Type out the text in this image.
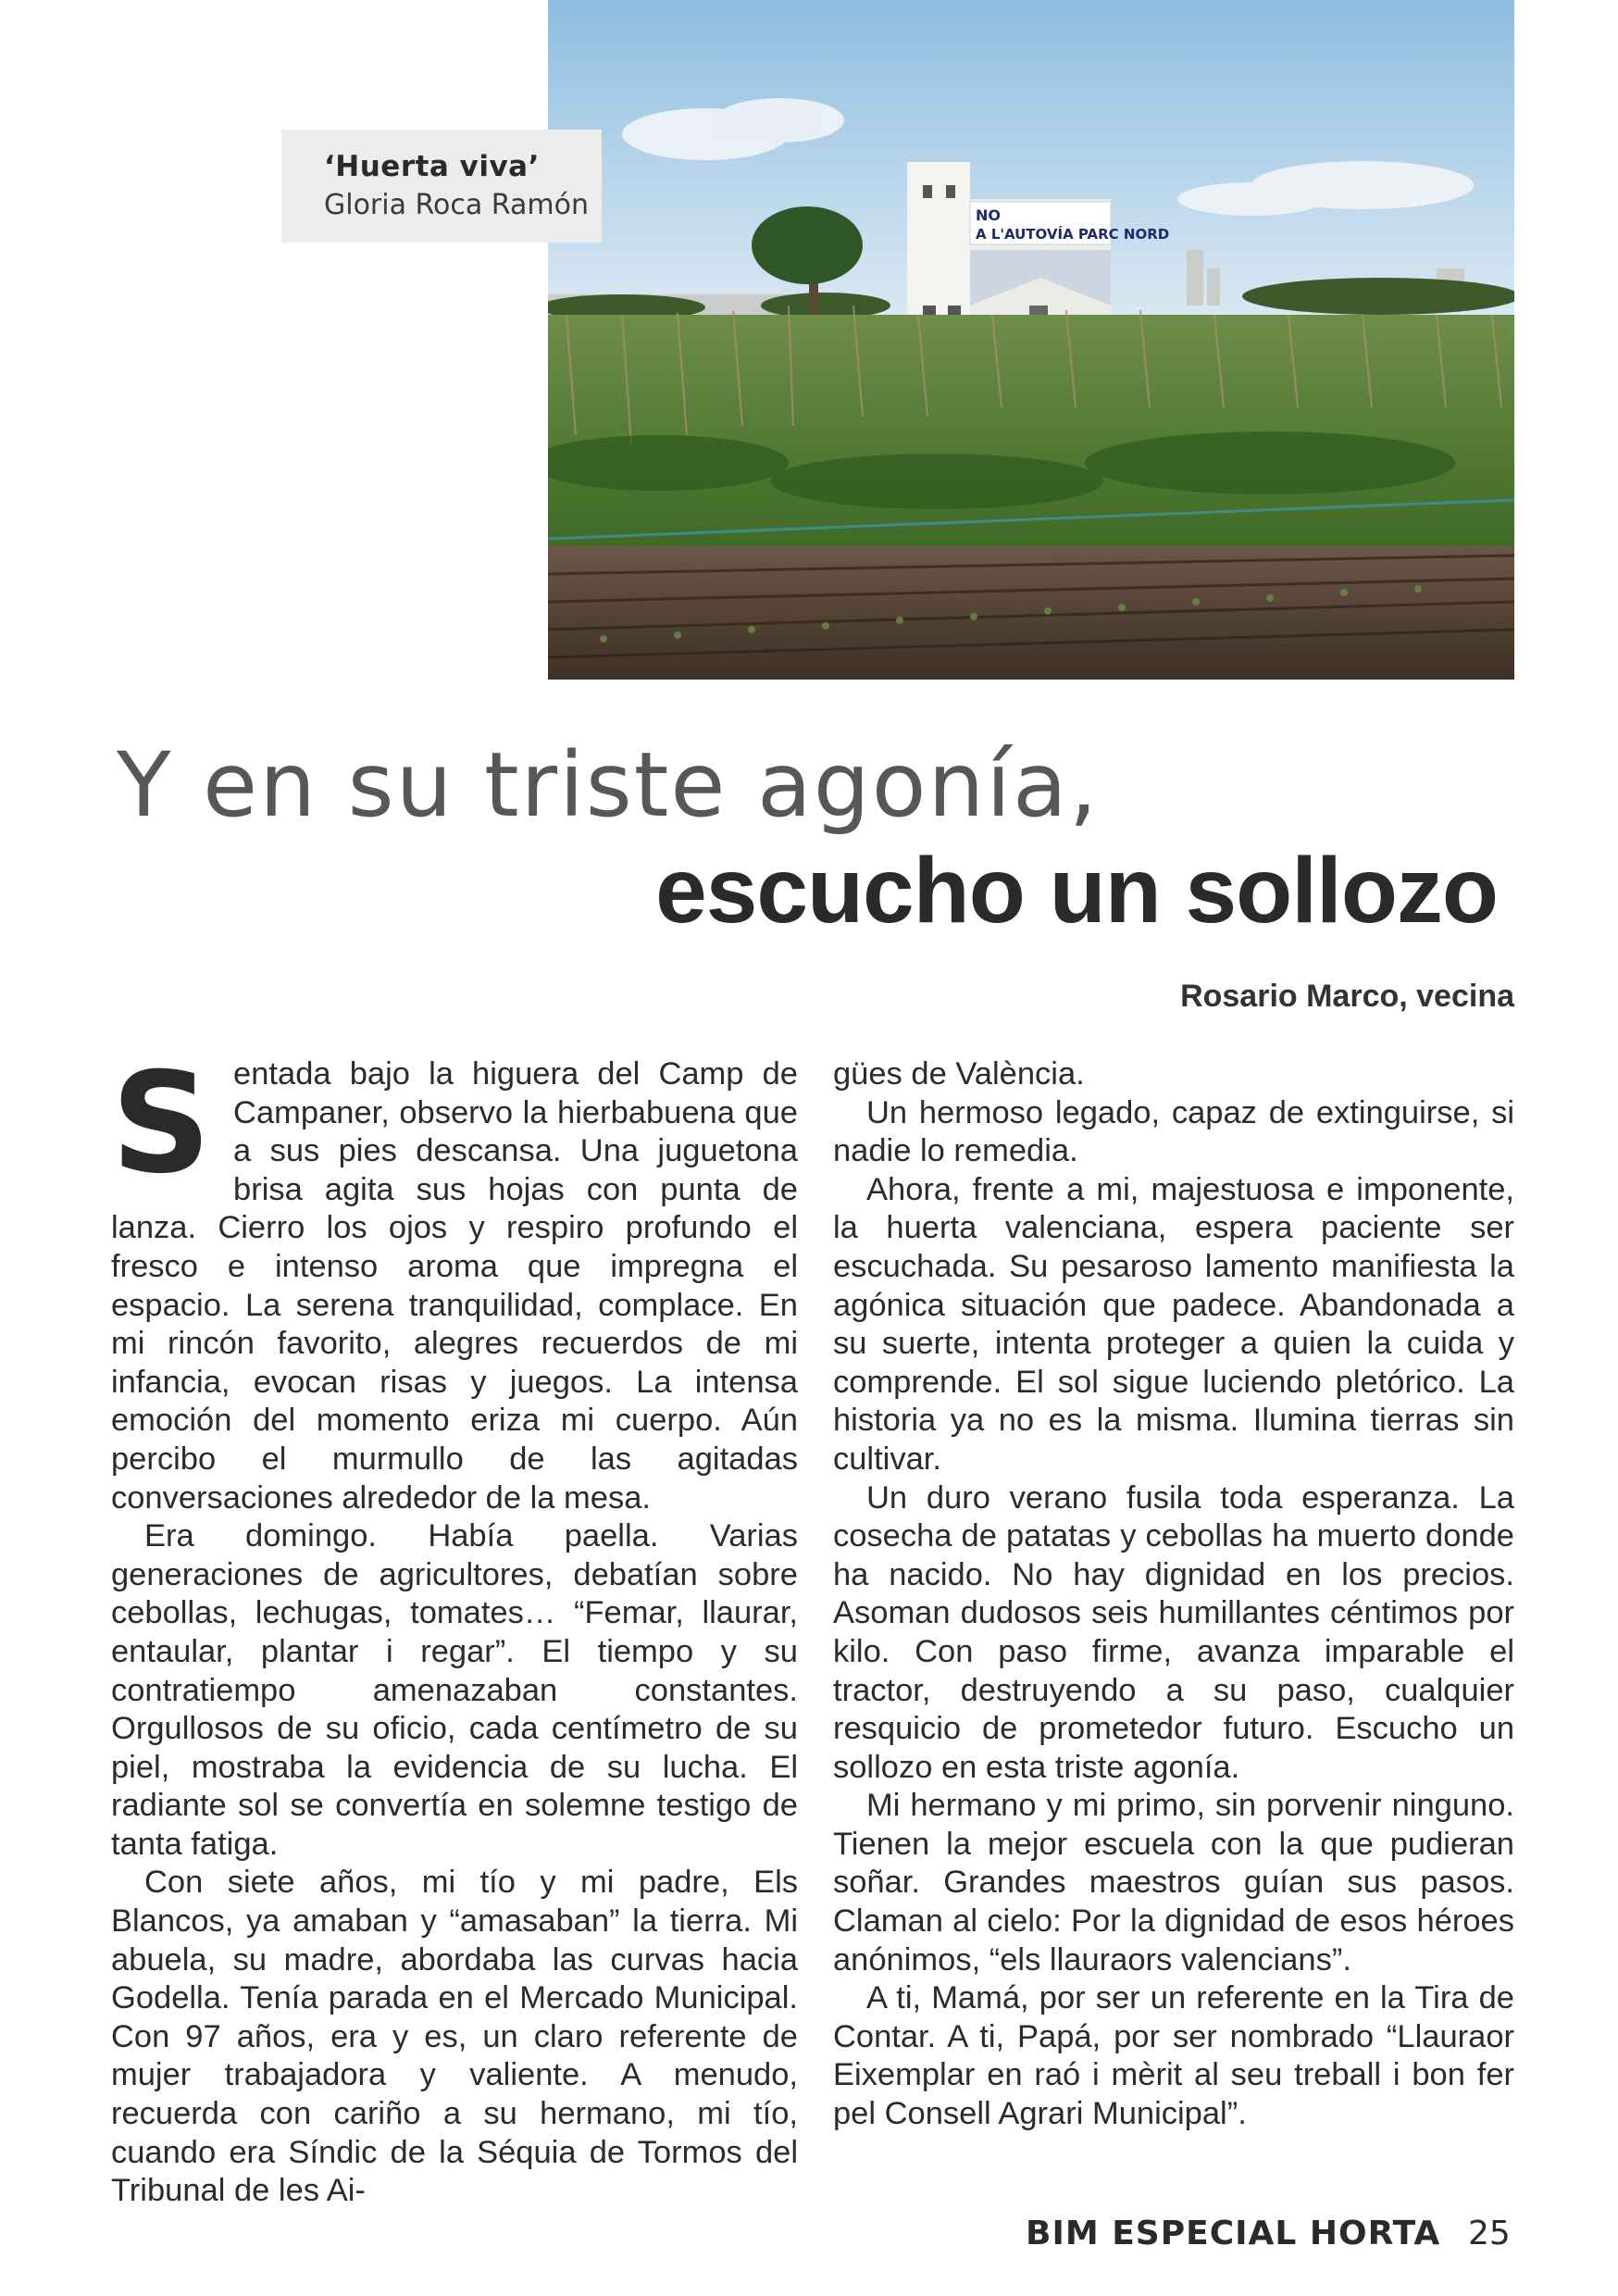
NO
A L'AUTOVÍA PARC NORD
‘Huerta viva’
Gloria Roca Ramón
Y en su triste agonía,
escucho un sollozo
Rosario Marco, vecina

Sentada bajo la higuera del Camp de Campaner, observo la hierbabuena que a sus pies descansa. Una juguetona brisa agita sus hojas con punta de lanza. Cierro los ojos y respiro profundo el fresco e intenso aroma que impregna el espacio. La serena tranquilidad, complace. En mi rincón favorito, alegres recuerdos de mi infancia, evocan risas y juegos. La intensa emoción del momento eriza mi cuerpo. Aún percibo el murmullo de las agitadas conversaciones alrededor de la mesa.

Era domingo. Había paella. Varias generaciones de agricultores, debatían sobre cebollas, lechugas, tomates… “Femar, llaurar, entaular, plantar i regar”. El tiempo y su contratiempo amenazaban constantes. Orgullosos de su oficio, cada centímetro de su piel, mostraba la evidencia de su lucha. El radiante sol se convertía en solemne testigo de tanta fatiga.

Con siete años, mi tío y mi padre, Els Blancos, ya amaban y “amasaban” la tierra. Mi abuela, su madre, abordaba las curvas hacia Godella. Tenía parada en el Mercado Municipal. Con 97 años, era y es, un claro referente de mujer trabajadora y valiente. A menudo, recuerda con cariño a su hermano, mi tío, cuando era Síndic de la Séquia de Tormos del Tribunal de les Ai-

gües de València.

Un hermoso legado, capaz de extinguirse, si nadie lo remedia.

Ahora, frente a mi, majestuosa e imponente, la huerta valenciana, espera paciente ser escuchada. Su pesaroso lamento manifiesta la agónica situación que padece. Abandonada a su suerte, intenta proteger a quien la cuida y comprende. El sol sigue luciendo pletórico. La historia ya no es la misma. Ilumina tierras sin cultivar.

Un duro verano fusila toda esperanza. La cosecha de patatas y cebollas ha muerto donde ha nacido. No hay dignidad en los precios. Asoman dudosos seis humillantes céntimos por kilo. Con paso firme, avanza imparable el tractor, destruyendo a su paso, cualquier resquicio de prometedor futuro. Escucho un sollozo en esta triste agonía.

Mi hermano y mi primo, sin porvenir ninguno. Tienen la mejor escuela con la que pudieran soñar. Grandes maestros guían sus pasos. Claman al cielo: Por la dignidad de esos héroes anónimos, “els llauraors valencians”.

A ti, Mamá, por ser un referente en la Tira de Contar. A ti, Papá, por ser nombrado “Llauraor Eixemplar en raó i mèrit al seu treball i bon fer pel Consell Agrari Municipal”.

BIM ESPECIAL HORTA 25
